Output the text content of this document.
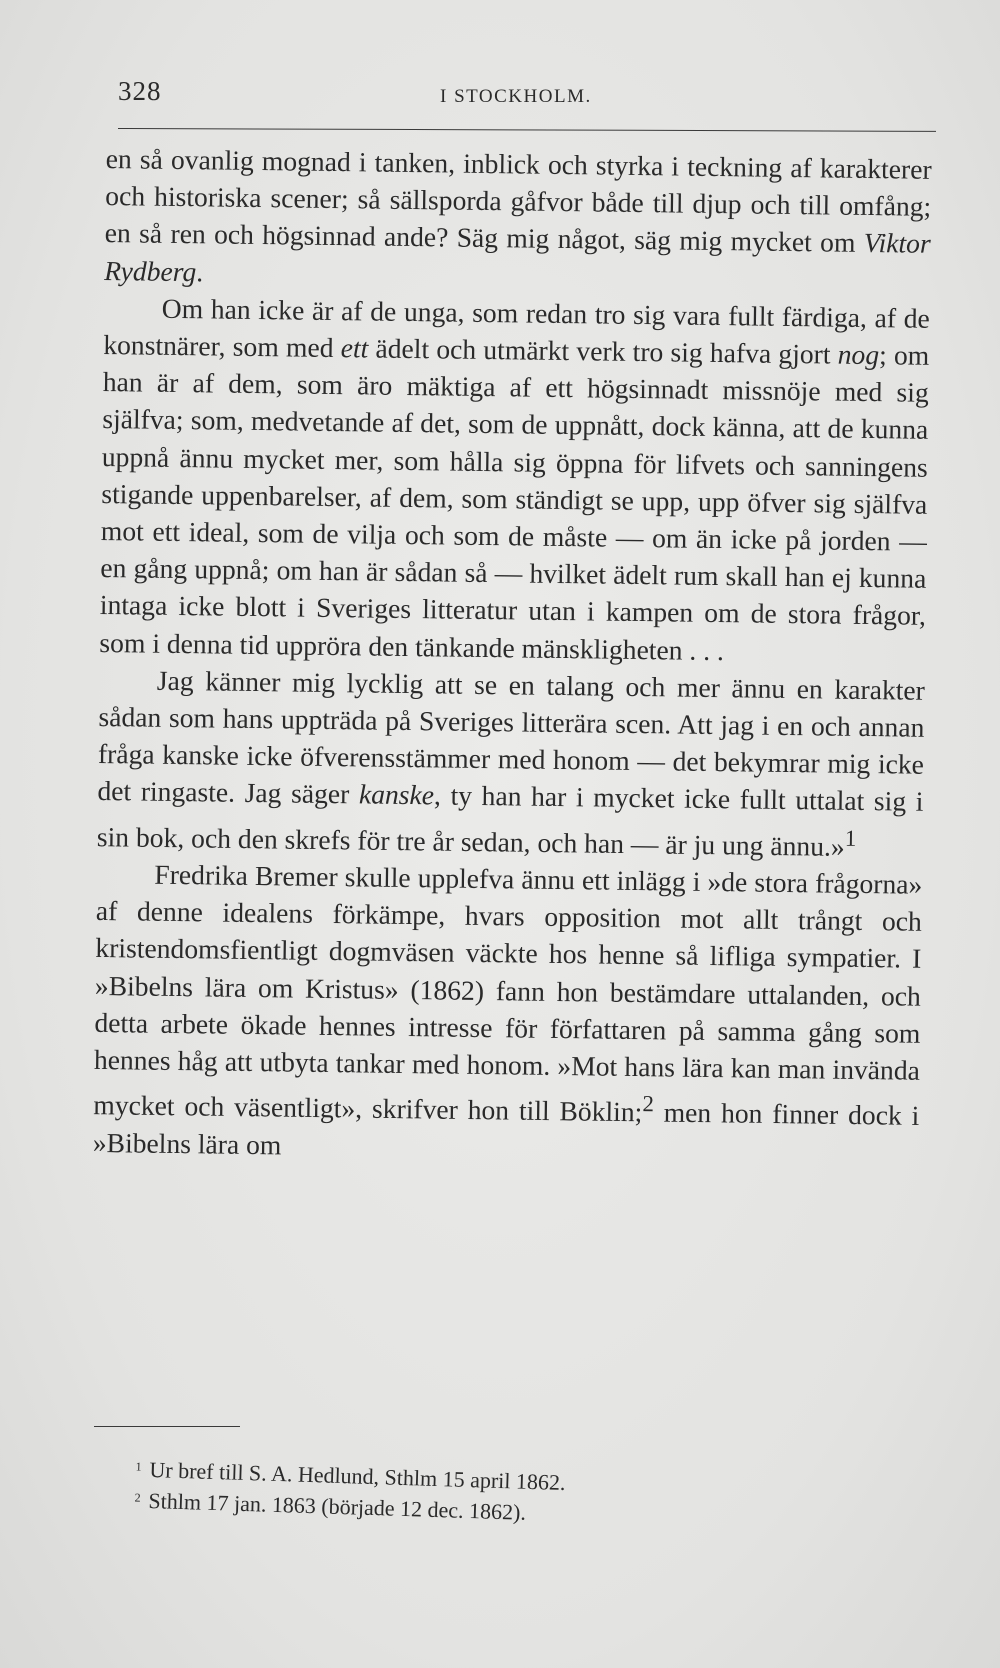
328	I STOCKHOLM.

en så ovanlig mognad i tanken, inblick och styrka i teckning af karakterer och historiska scener; så sällsporda gåfvor både till djup och till omfång; en så ren och högsinnad ande? Säg mig något, säg mig mycket om Viktor Rydberg.

Om han icke är af de unga, som redan tro sig vara fullt färdiga, af de konstnärer, som med ett ädelt och utmärkt verk tro sig hafva gjort nog; om han är af dem, som äro mäktiga af ett högsinnadt missnöje med sig själfva; som, medvetande af det, som de uppnått, dock känna, att de kunna uppnå ännu mycket mer, som hålla sig öppna för lifvets och sanningens stigande uppenbarelser, af dem, som ständigt se upp, upp öfver sig själfva mot ett ideal, som de vilja och som de måste — om än icke på jorden — en gång uppnå; om han är sådan så — hvilket ädelt rum skall han ej kunna intaga icke blott i Sveriges litteratur utan i kampen om de stora frågor, som i denna tid uppröra den tänkande mänskligheten . . .

Jag känner mig lycklig att se en talang och mer ännu en karakter sådan som hans uppträda på Sveriges litterära scen. Att jag i en och annan fråga kanske icke öfverensstämmer med honom — det bekymrar mig icke det ringaste. Jag säger kanske, ty han har i mycket icke fullt uttalat sig i sin bok, och den skrefs för tre år sedan, och han — är ju ung ännu.»$^1$

Fredrika Bremer skulle upplefva ännu ett inlägg i »de stora frågorna» af denne idealens förkämpe, hvars opposition mot allt trångt och kristendomsfientligt dogmväsen väckte hos henne så lifliga sympatier. I »Bibelns lära om Kristus» (1862) fann hon bestämdare uttalanden, och detta arbete ökade hennes intresse för författaren på samma gång som hennes håg att utbyta tankar med honom. »Mot hans lära kan man invända mycket och väsentligt», skrifver hon till Böklin;$^2$ men hon finner dock i »Bibelns lära om

1 Ur bref till S. A. Hedlund, Sthlm 15 april 1862.
2 Sthlm 17 jan. 1863 (började 12 dec. 1862).
